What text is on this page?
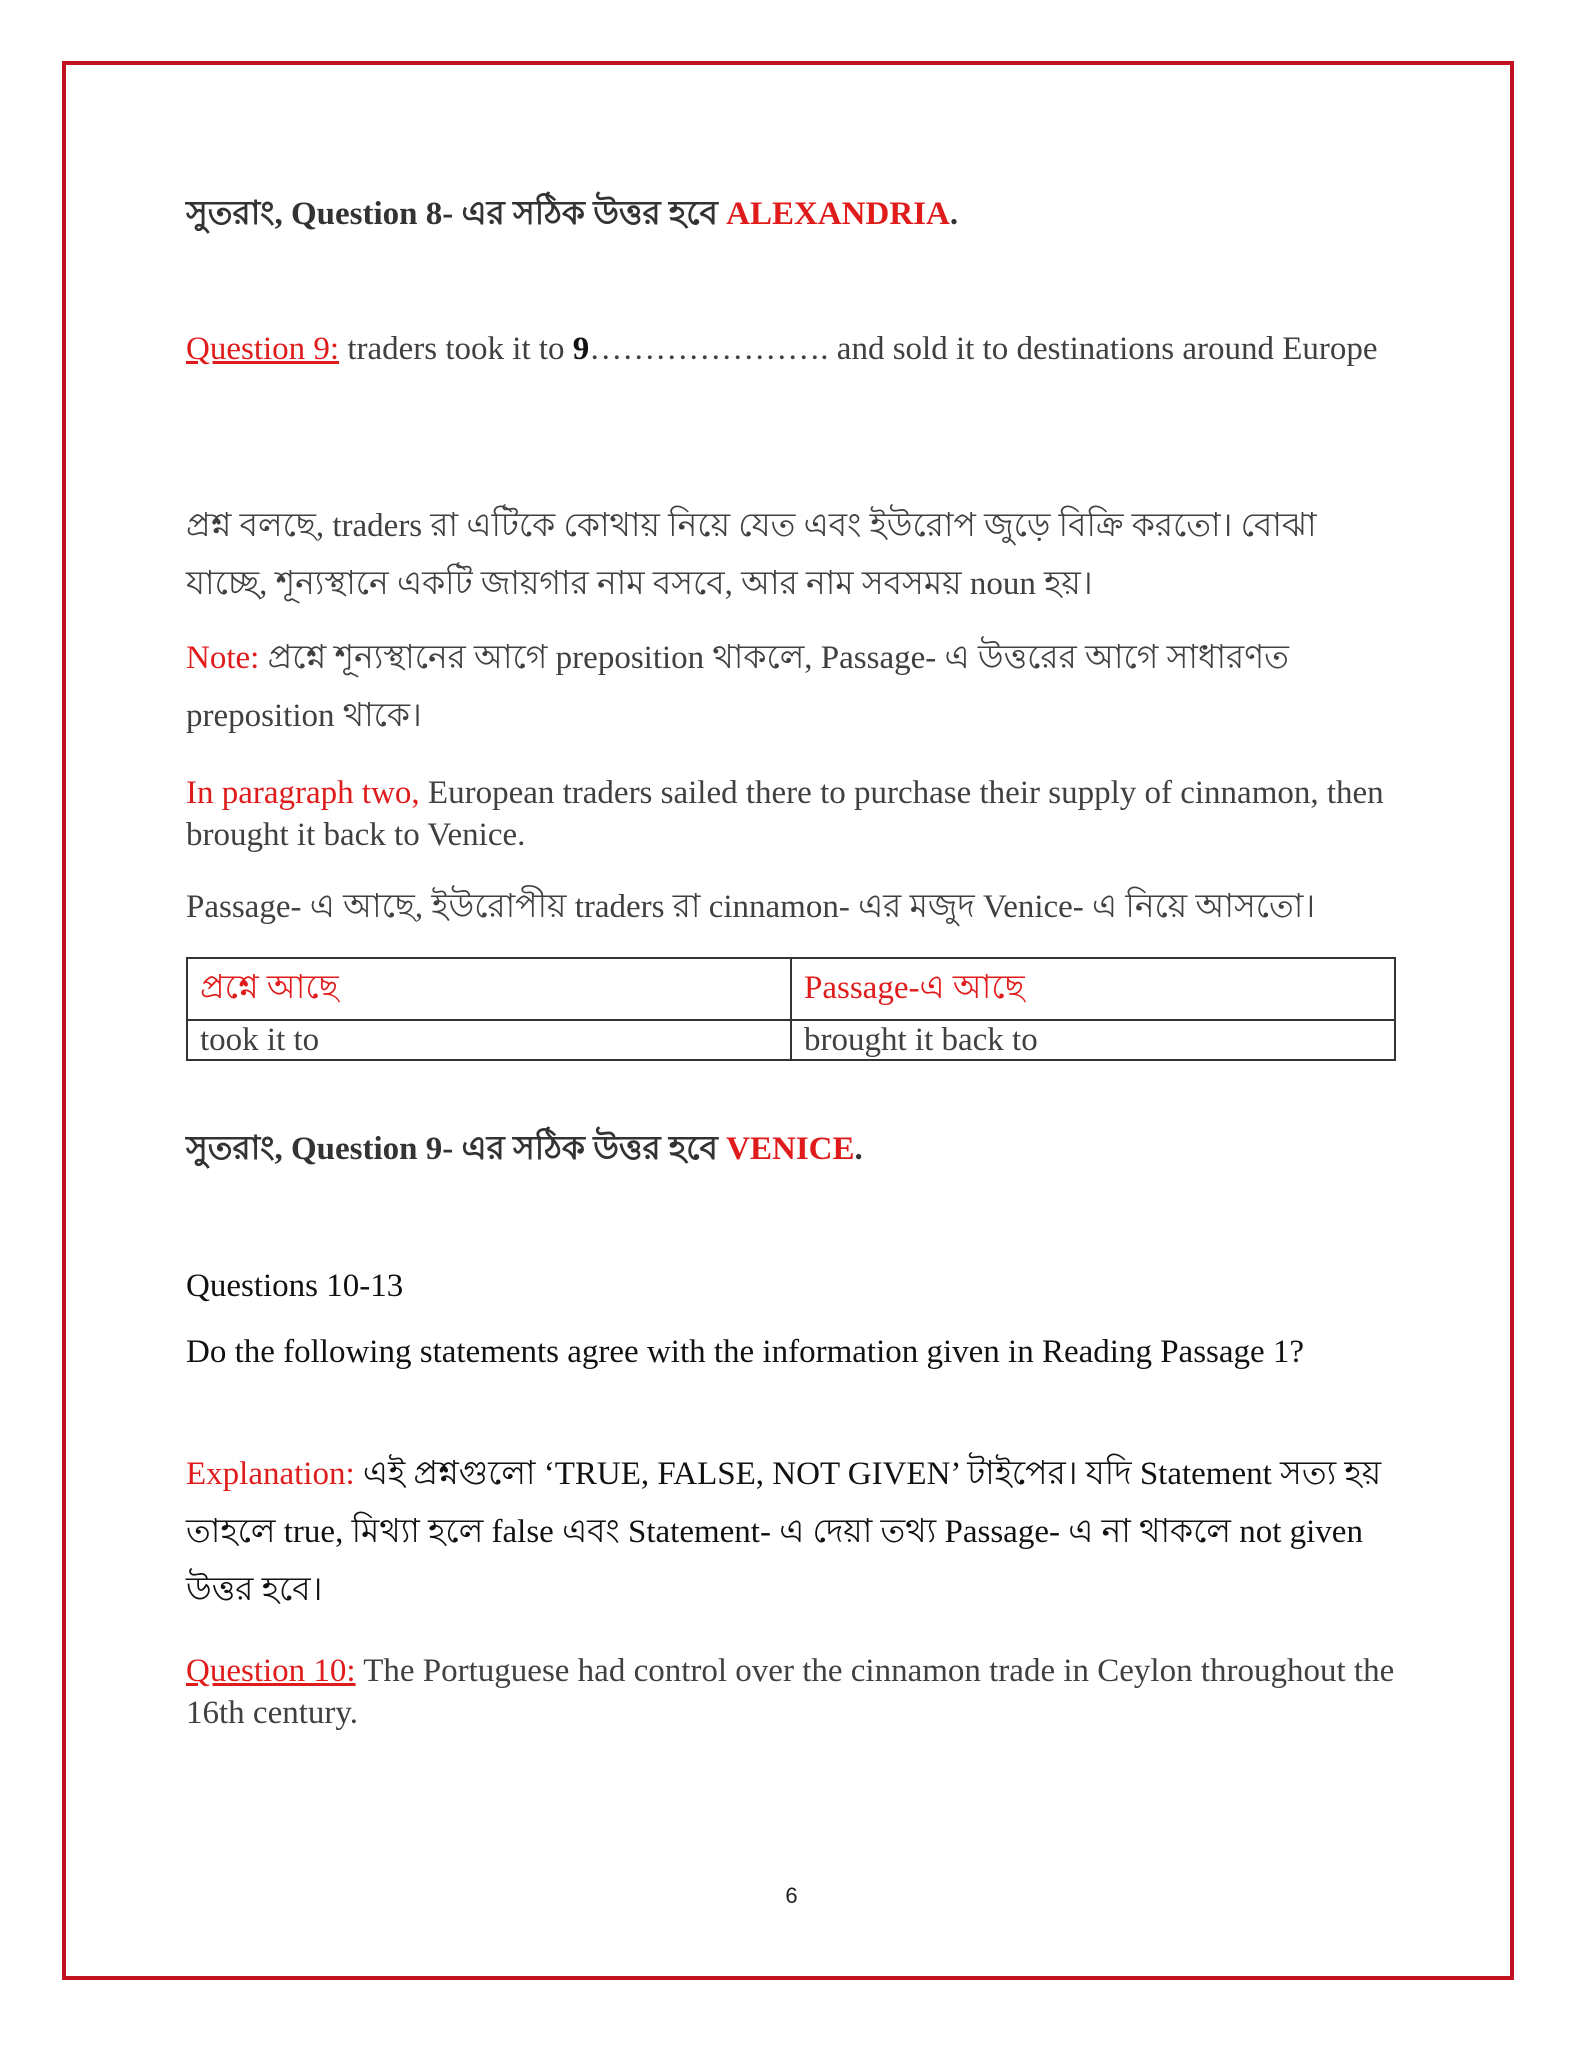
সুতরাং, Question 8- এর সঠিক উত্তর হবে ALEXANDRIA.
Question 9: traders took it to 9…………………. and sold it to destinations around Europe
প্রশ্ন বলছে, traders রা এটিকে কোথায় নিয়ে যেত এবং ইউরোপ জুড়ে বিক্রি করতো। বোঝা যাচ্ছে, শূন্যস্থানে একটি জায়গার নাম বসবে, আর নাম সবসময় noun হয়।
Note: প্রশ্নে শূন্যস্থানের আগে preposition থাকলে, Passage- এ উত্তরের আগে সাধারণত preposition থাকে।
In paragraph two, European traders sailed there to purchase their supply of cinnamon, then brought it back to Venice.
Passage- এ আছে, ইউরোপীয় traders রা cinnamon- এর মজুদ Venice- এ নিয়ে আসতো।
প্রশ্নে আছে	Passage-এ আছে
took it to	brought it back to
সুতরাং, Question 9- এর সঠিক উত্তর হবে VENICE.
Questions 10-13
Do the following statements agree with the information given in Reading Passage 1?
Explanation: এই প্রশ্নগুলো ‘TRUE, FALSE, NOT GIVEN’ টাইপের। যদি Statement সত্য হয় তাহলে true, মিথ্যা হলে false এবং Statement- এ দেয়া তথ্য Passage- এ না থাকলে not given উত্তর হবে।
Question 10: The Portuguese had control over the cinnamon trade in Ceylon throughout the 16th century.
6
